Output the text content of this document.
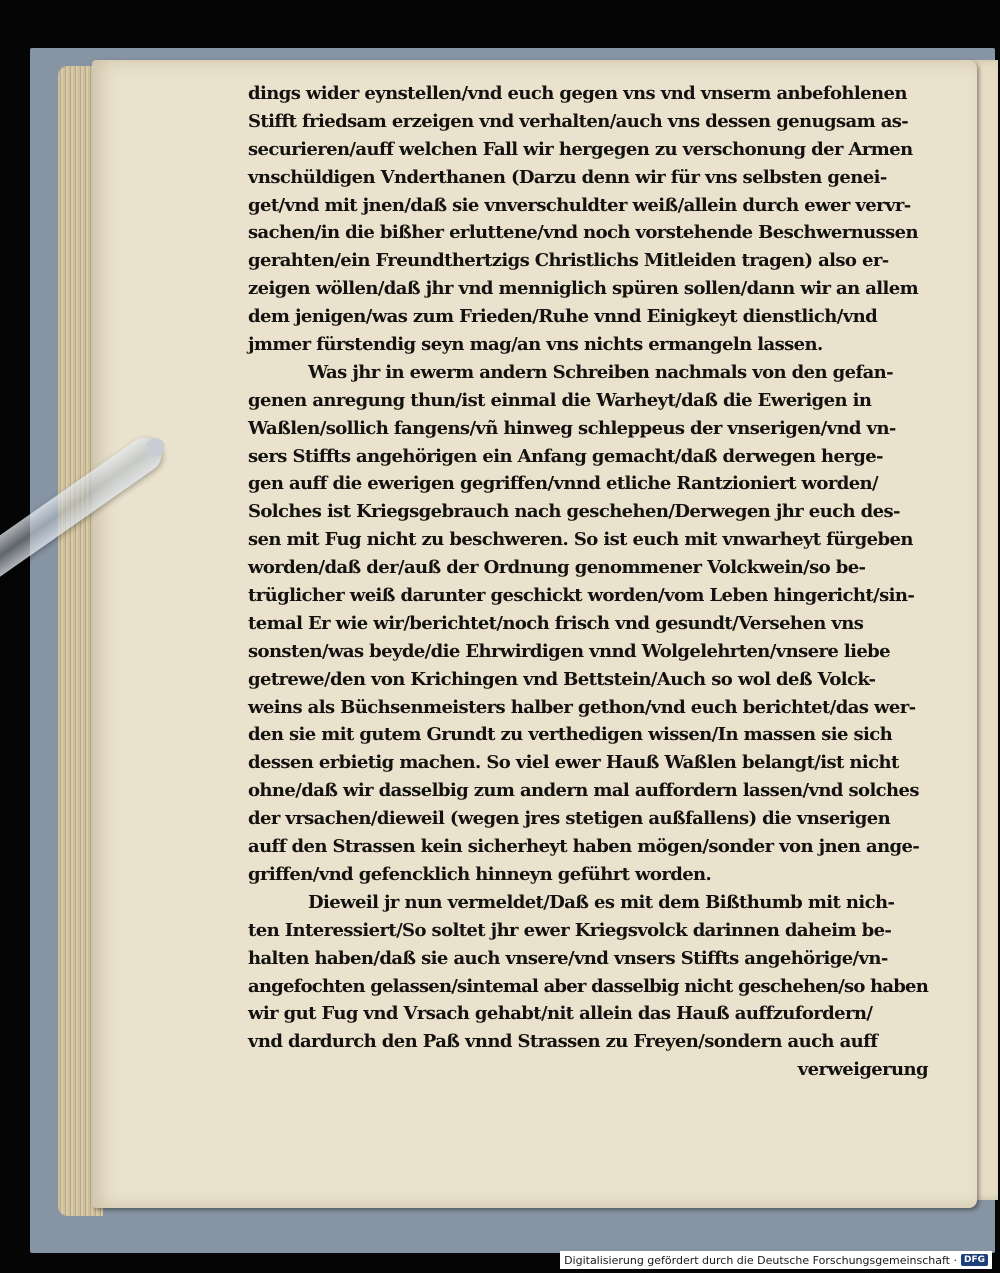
dings wider eynstellen/vnd euch gegen vns vnd vnserm anbefohlenen
Stifft friedsam erzeigen vnd verhalten/auch vns dessen genugsam as-
securieren/auff welchen Fall wir hergegen zu verschonung der Armen
vnschüldigen Vnderthanen (Darzu denn wir für vns selbsten genei-
get/vnd mit jnen/daß sie vnverschuldter weiß/allein durch ewer vervr-
sachen/in die bißher erluttene/vnd noch vorstehende Beschwernussen
gerahten/ein Freundthertzigs Christlichs Mitleiden tragen) also er-
zeigen wöllen/daß jhr vnd menniglich spüren sollen/dann wir an allem
dem jenigen/was zum Frieden/Ruhe vnnd Einigkeyt dienstlich/vnd
jmmer fürstendig seyn mag/an vns nichts ermangeln lassen.
Was jhr in ewerm andern Schreiben nachmals von den gefan-
genen anregung thun/ist einmal die Warheyt/daß die Ewerigen in
Waßlen/sollich fangens/vñ hinweg schleppeus der vnserigen/vnd vn-
sers Stiffts angehörigen ein Anfang gemacht/daß derwegen herge-
gen auff die ewerigen gegriffen/vnnd etliche Rantzioniert worden/
Solches ist Kriegsgebrauch nach geschehen/Derwegen jhr euch des-
sen mit Fug nicht zu beschweren. So ist euch mit vnwarheyt fürgeben
worden/daß der/auß der Ordnung genommener Volckwein/so be-
trüglicher weiß darunter geschickt worden/vom Leben hingericht/sin-
temal Er wie wir/berichtet/noch frisch vnd gesundt/Versehen vns
sonsten/was beyde/die Ehrwirdigen vnnd Wolgelehrten/vnsere liebe
getrewe/den von Krichingen vnd Bettstein/Auch so wol deß Volck-
weins als Büchsenmeisters halber gethon/vnd euch berichtet/das wer-
den sie mit gutem Grundt zu verthedigen wissen/In massen sie sich
dessen erbietig machen. So viel ewer Hauß Waßlen belangt/ist nicht
ohne/daß wir dasselbig zum andern mal auffordern lassen/vnd solches
der vrsachen/dieweil (wegen jres stetigen außfallens) die vnserigen
auff den Strassen kein sicherheyt haben mögen/sonder von jnen ange-
griffen/vnd gefencklich hinneyn geführt worden.
Dieweil jr nun vermeldet/Daß es mit dem Bißthumb mit nich-
ten Interessiert/So soltet jhr ewer Kriegsvolck darinnen daheim be-
halten haben/daß sie auch vnsere/vnd vnsers Stiffts angehörige/vn-
angefochten gelassen/sintemal aber dasselbig nicht geschehen/so haben
wir gut Fug vnd Vrsach gehabt/nit allein das Hauß auffzufordern/
vnd dardurch den Paß vnnd Strassen zu Freyen/sondern auch auff
verweigerung
Digitalisierung gefördert durch die Deutsche Forschungsgemeinschaft · DFG
